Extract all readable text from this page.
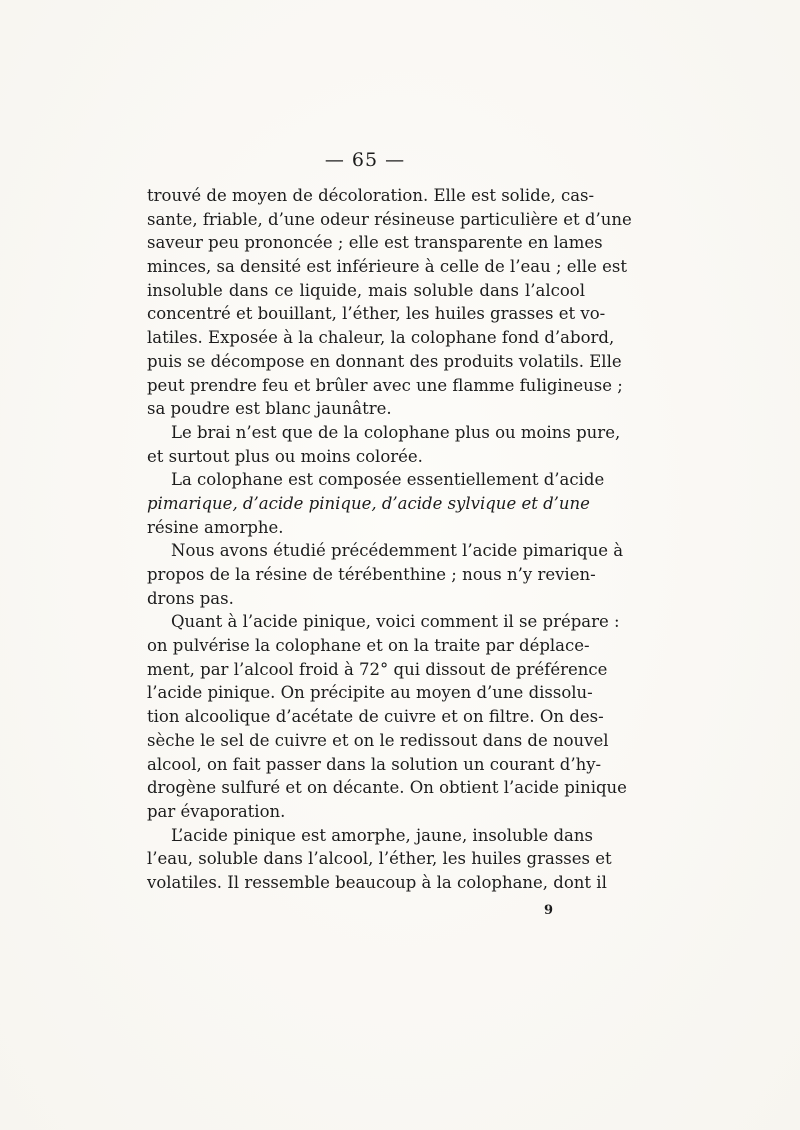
— 65 —
trouvé de moyen de décoloration. Elle est solide, cas-
sante, friable, d’une odeur résineuse particulière et d’une
saveur peu prononcée ; elle est transparente en lames
minces, sa densité est inférieure à celle de l’eau ; elle est
insoluble dans ce liquide, mais soluble dans l’alcool
concentré et bouillant, l’éther, les huiles grasses et vo-
latiles. Exposée à la chaleur, la colophane fond d’abord,
puis se décompose en donnant des produits volatils. Elle
peut prendre feu et brûler avec une flamme fuligineuse ;
sa poudre est blanc jaunâtre.
Le brai n’est que de la colophane plus ou moins pure,
et surtout plus ou moins colorée.
La colophane est composée essentiellement d’acide
pimarique, d’acide pinique, d’acide sylvique et d’une
résine amorphe.
Nous avons étudié précédemment l’acide pimarique à
propos de la résine de térébenthine ; nous n’y revien-
drons pas.
Quant à l’acide pinique, voici comment il se prépare :
on pulvérise la colophane et on la traite par déplace-
ment, par l’alcool froid à 72° qui dissout de préférence
l’acide pinique. On précipite au moyen d’une dissolu-
tion alcoolique d’acétate de cuivre et on filtre. On des-
sèche le sel de cuivre et on le redissout dans de nouvel
alcool, on fait passer dans la solution un courant d’hy-
drogène sulfuré et on décante. On obtient l’acide pinique
par évaporation.
L’acide pinique est amorphe, jaune, insoluble dans
l’eau, soluble dans l’alcool, l’éther, les huiles grasses et
volatiles. Il ressemble beaucoup à la colophane, dont il
9
